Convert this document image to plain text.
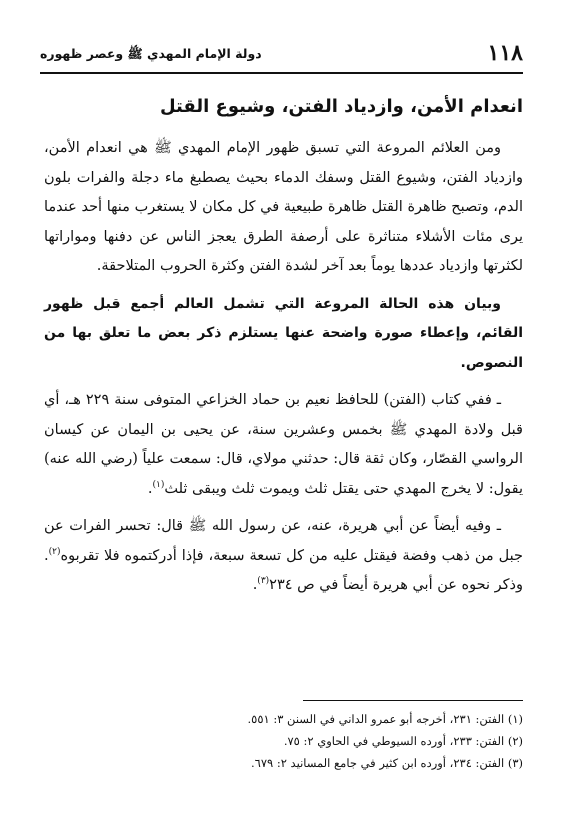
١١٨
دولة الإمام المهدي ﷺ وعصر ظهوره
انعدام الأمن، وازدياد الفتن، وشيوع القتل

ومن العلائم المروعة التي تسبق ظهور الإمام المهدي ﷺ هي انعدام الأمن، وازدياد الفتن، وشيوع القتل وسفك الدماء بحيث يصطبغ ماء دجلة والفرات بلون الدم، وتصبح ظاهرة القتل ظاهرة طبيعية في كل مكان لا يستغرب منها أحد عندما يرى مئات الأشلاء متناثرة على أرصفة الطرق يعجز الناس عن دفنها ومواراتها لكثرتها وازدياد عددها يوماً بعد آخر لشدة الفتن وكثرة الحروب المتلاحقة.

وبيان هذه الحالة المروعة التي تشمل العالم أجمع قبل ظهور القائم، وإعطاء صورة واضحة عنها يستلزم ذكر بعض ما تعلق بها من النصوص.

ـ ففي كتاب (الفتن) للحافظ نعيم بن حماد الخزاعي المتوفى سنة ٢٢٩ هـ، أي قبل ولادة المهدي ﷺ بخمس وعشرين سنة، عن يحيى بن اليمان عن كيسان الرواسي القصّار، وكان ثقة قال: حدثني مولاي، قال: سمعت علياً (رضي الله عنه) يقول: لا يخرج المهدي حتى يقتل ثلث ويموت ثلث ويبقى ثلث$^{(١)}$.

ـ وفيه أيضاً عن أبي هريرة، عنه، عن رسول الله ﷺ قال: تحسر الفرات عن جبل من ذهب وفضة فيقتل عليه من كل تسعة سبعة، فإذا أدركتموه فلا تقربوه$^{(٢)}$. وذكر نحوه عن أبي هريرة أيضاً في ص ٢٣٤$^{(٣)}$.

(١) الفتن: ٢٣١، أخرجه أبو عمرو الداني في السنن ٣: ٥٥١.

(٢) الفتن: ٢٣٣، أورده السيوطي في الحاوي ٢: ٧٥.

(٣) الفتن: ٢٣٤، أورده ابن كثير في جامع المسانيد ٢: ٦٧٩.
